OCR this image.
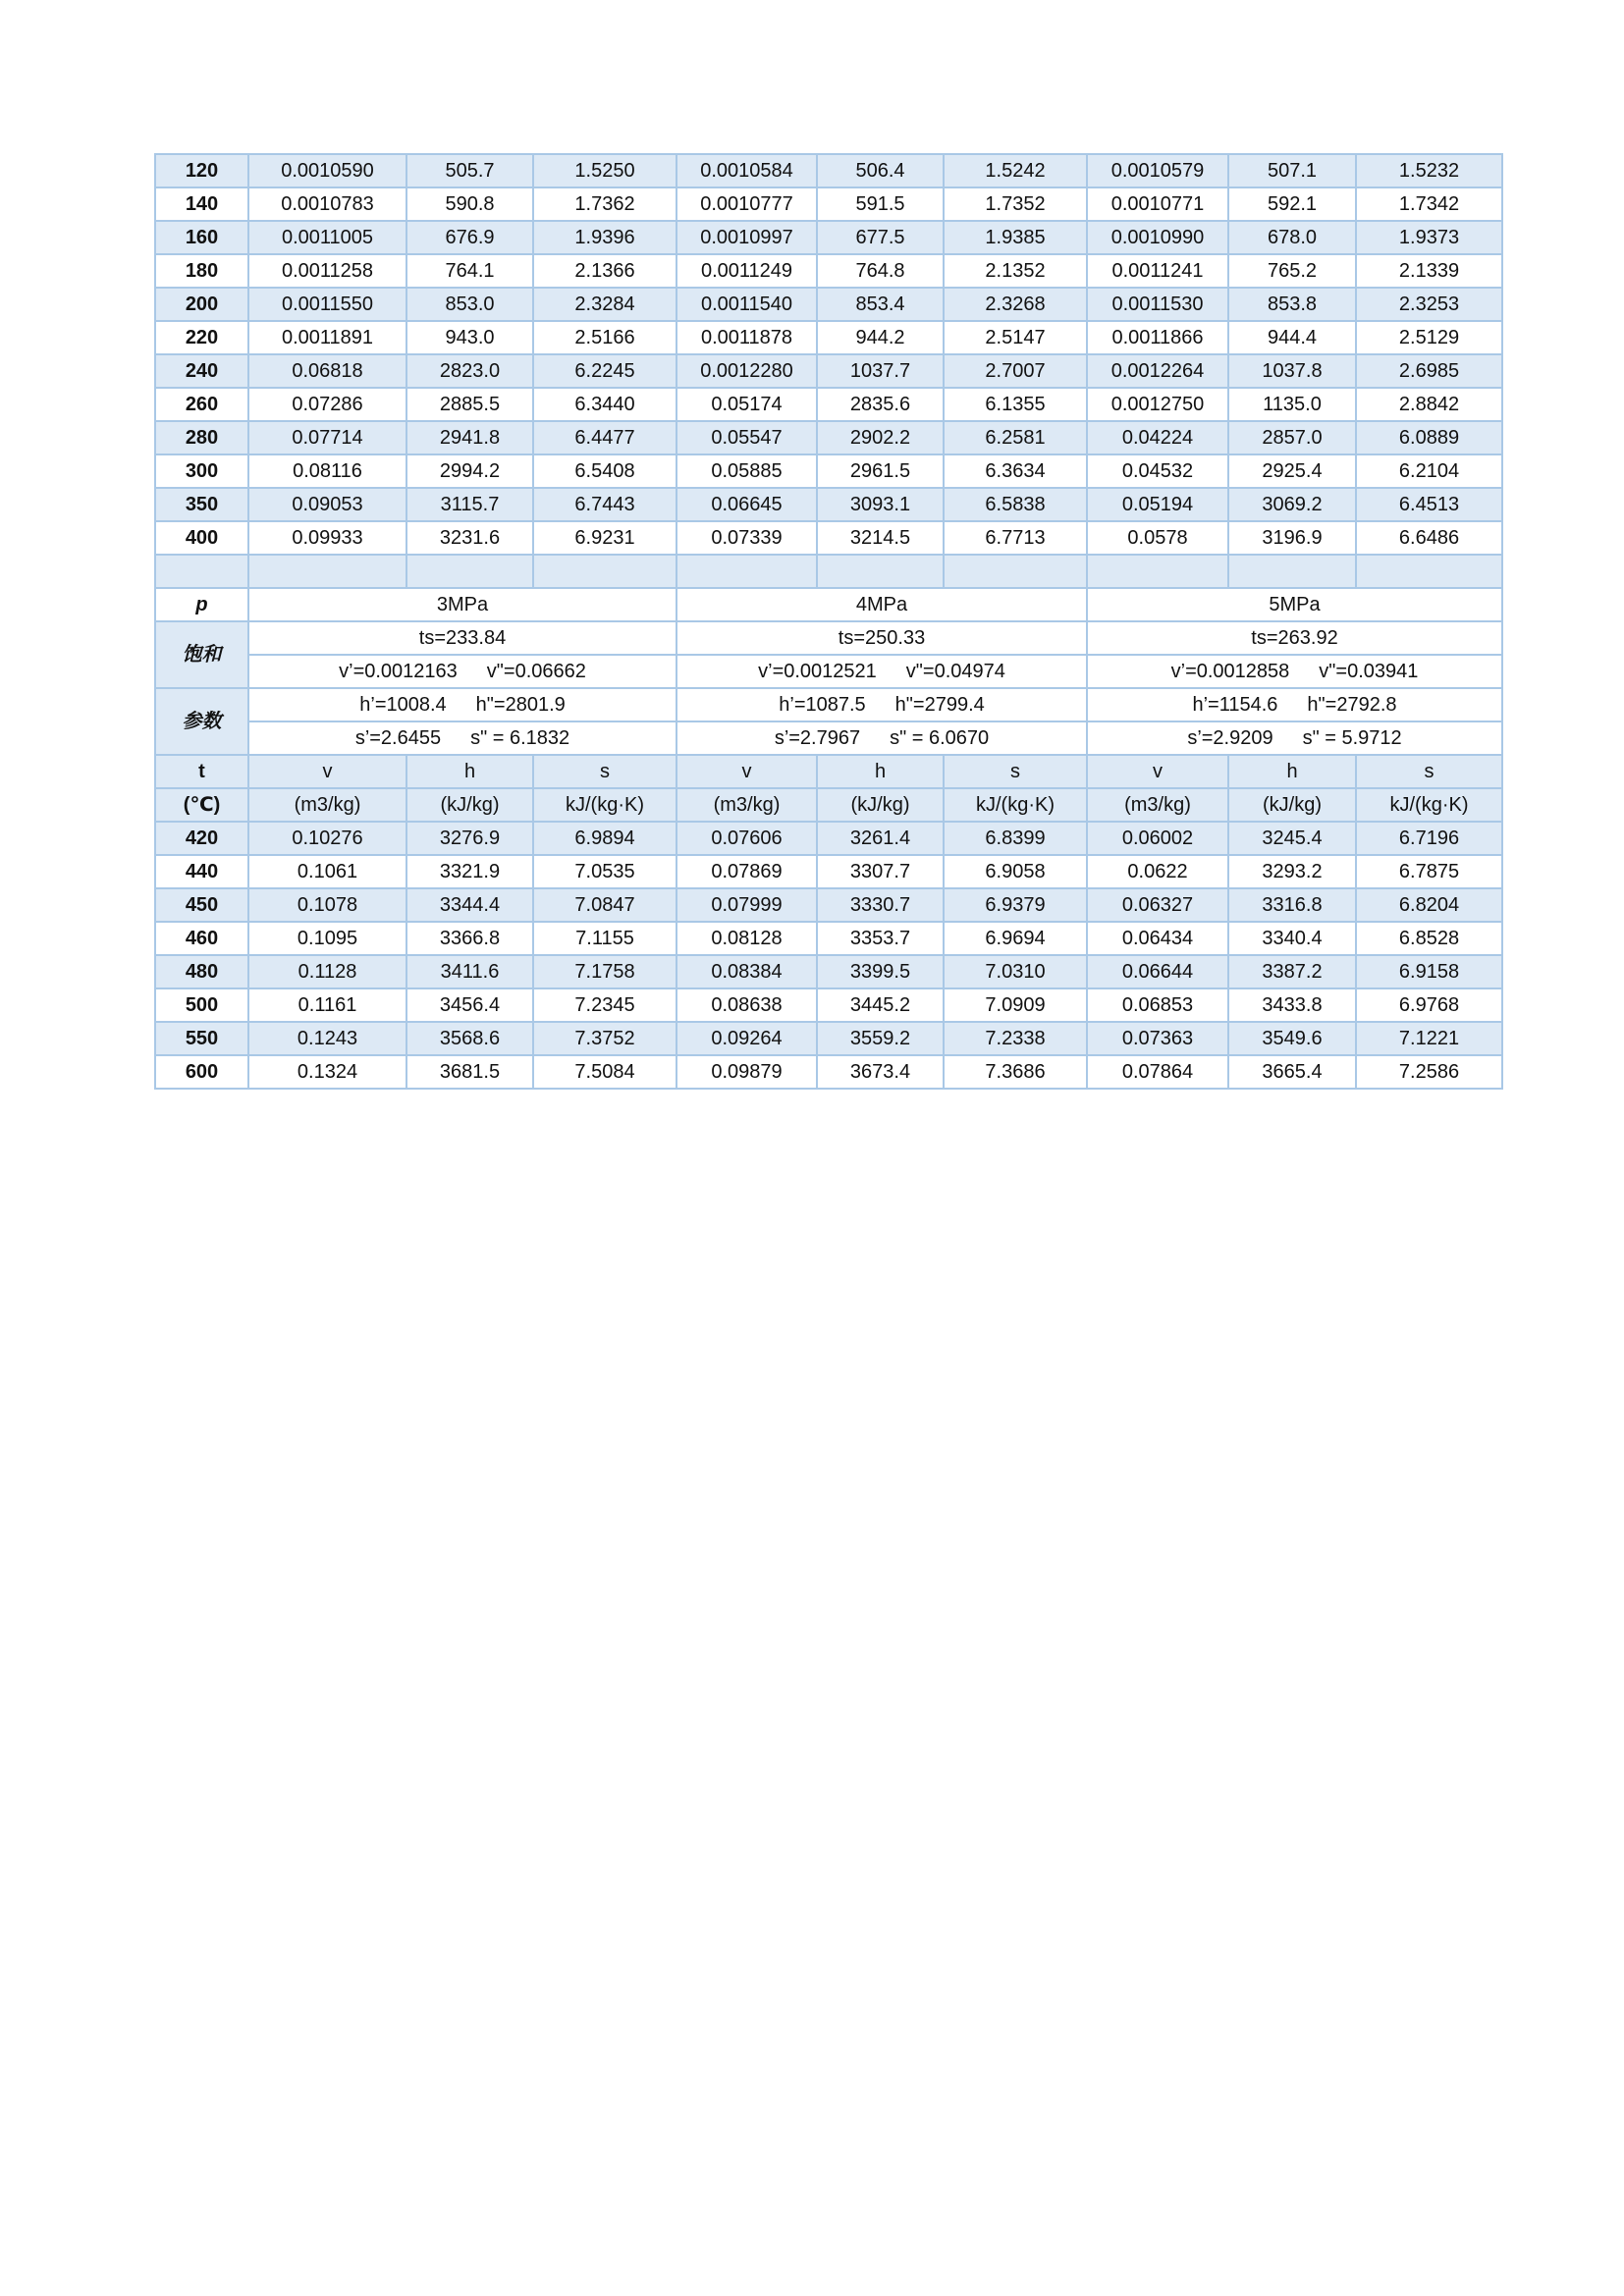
120	0.0010590	505.7	1.5250	0.0010584	506.4	1.5242	0.0010579	507.1	1.5232
140	0.0010783	590.8	1.7362	0.0010777	591.5	1.7352	0.0010771	592.1	1.7342
160	0.0011005	676.9	1.9396	0.0010997	677.5	1.9385	0.0010990	678.0	1.9373
180	0.0011258	764.1	2.1366	0.0011249	764.8	2.1352	0.0011241	765.2	2.1339
200	0.0011550	853.0	2.3284	0.0011540	853.4	2.3268	0.0011530	853.8	2.3253
220	0.0011891	943.0	2.5166	0.0011878	944.2	2.5147	0.0011866	944.4	2.5129
240	0.06818	2823.0	6.2245	0.0012280	1037.7	2.7007	0.0012264	1037.8	2.6985
260	0.07286	2885.5	6.3440	0.05174	2835.6	6.1355	0.0012750	1135.0	2.8842
280	0.07714	2941.8	6.4477	0.05547	2902.2	6.2581	0.04224	2857.0	6.0889
300	0.08116	2994.2	6.5408	0.05885	2961.5	6.3634	0.04532	2925.4	6.2104
350	0.09053	3115.7	6.7443	0.06645	3093.1	6.5838	0.05194	3069.2	6.4513
400	0.09933	3231.6	6.9231	0.07339	3214.5	6.7713	0.0578	3196.9	6.6486

p	3MPa			4MPa			5MPa		
饱和	ts=233.84			ts=250.33			ts=263.92		
	v’=0.0012163 v"=0.06662			v’=0.0012521 v"=0.04974			v’=0.0012858 v"=0.03941		
参数	h’=1008.4 h"=2801.9			h’=1087.5 h"=2799.4			h’=1154.6 h"=2792.8		
	s’=2.6455 s" = 6.1832			s’=2.7967 s" = 6.0670			s’=2.9209 s" = 5.9712		
t	v	h	s	v	h	s	v	h	s
(℃)	(m3/kg)	(kJ/kg)	kJ/(kg·K)	(m3/kg)	(kJ/kg)	kJ/(kg·K)	(m3/kg)	(kJ/kg)	kJ/(kg·K)
420	0.10276	3276.9	6.9894	0.07606	3261.4	6.8399	0.06002	3245.4	6.7196
440	0.1061	3321.9	7.0535	0.07869	3307.7	6.9058	0.0622	3293.2	6.7875
450	0.1078	3344.4	7.0847	0.07999	3330.7	6.9379	0.06327	3316.8	6.8204
460	0.1095	3366.8	7.1155	0.08128	3353.7	6.9694	0.06434	3340.4	6.8528
480	0.1128	3411.6	7.1758	0.08384	3399.5	7.0310	0.06644	3387.2	6.9158
500	0.1161	3456.4	7.2345	0.08638	3445.2	7.0909	0.06853	3433.8	6.9768
550	0.1243	3568.6	7.3752	0.09264	3559.2	7.2338	0.07363	3549.6	7.1221
600	0.1324	3681.5	7.5084	0.09879	3673.4	7.3686	0.07864	3665.4	7.2586
